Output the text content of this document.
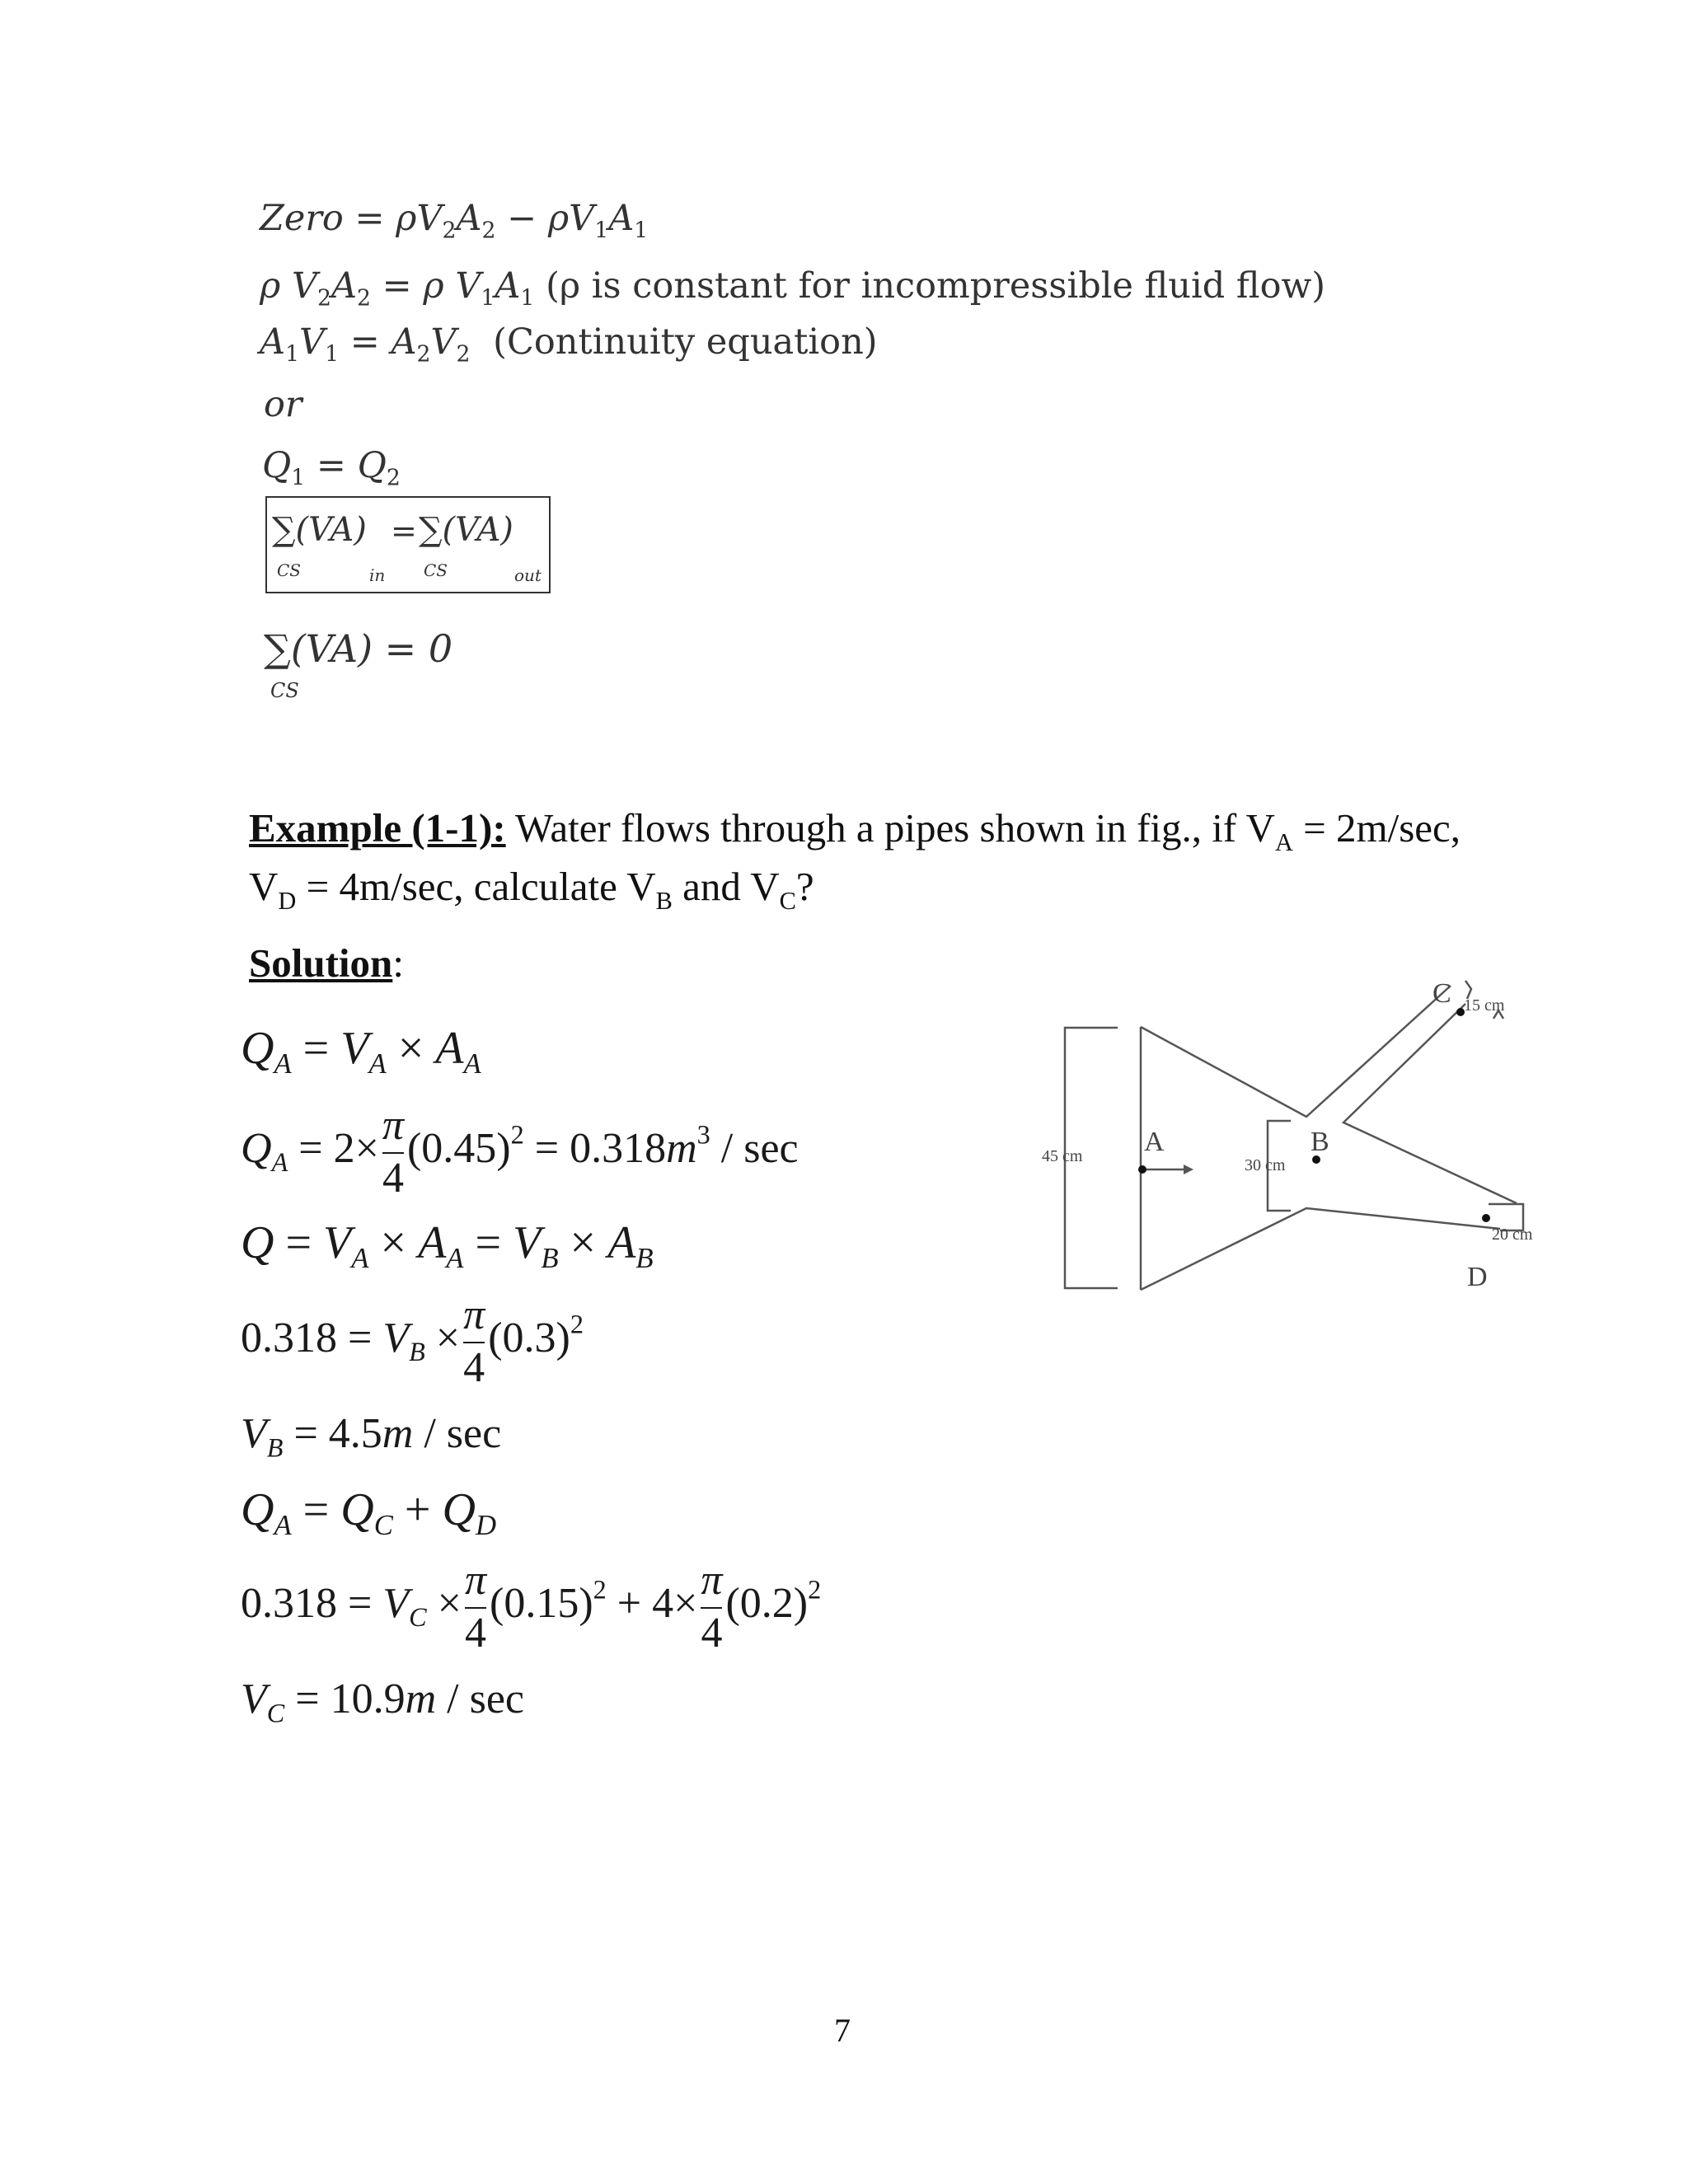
Zero = $\rho V_2A_2 - \rho V_1A_1$
ρ $V_2A_2 = \rho$ $V_1A_1$ (ρ is constant for incompressible fluid flow)
$A_1V_1 = A_2V_2$ (Continuity equation)
or
$Q_1 = Q_2$
∑(VA)
CS	in
= ∑(VA)
CS	out
∑(VA) = 0
CS
Example (1-1): Water flows through a pipes shown in fig., if $V_A = 2m/\sec$,
$V_D = 4m/\sec$, calculate $V_B$ and $V_C$?
Solution:
$Q_A = V_A \times A_A$
$Q_A = 2\times \frac{\pi}{4} (0.45)^2 = 0.318m^3 / \sec$
$Q = V_A \times A_A = V_B \times A_B$
$0.318 = V_B \times \frac{\pi}{4} (0.3)^2$
$V_B = 4.5m / \sec$
$Q_A = Q_C + Q_D$
$0.318 = V_C \times \frac{\pi}{4} (0.15)^2 + 4\times \frac{\pi}{4} (0.2)^2$
$V_C = 10.9m / \sec$
A	B
C
D
45 cm	30 cm
15 cm
20 cm
7
